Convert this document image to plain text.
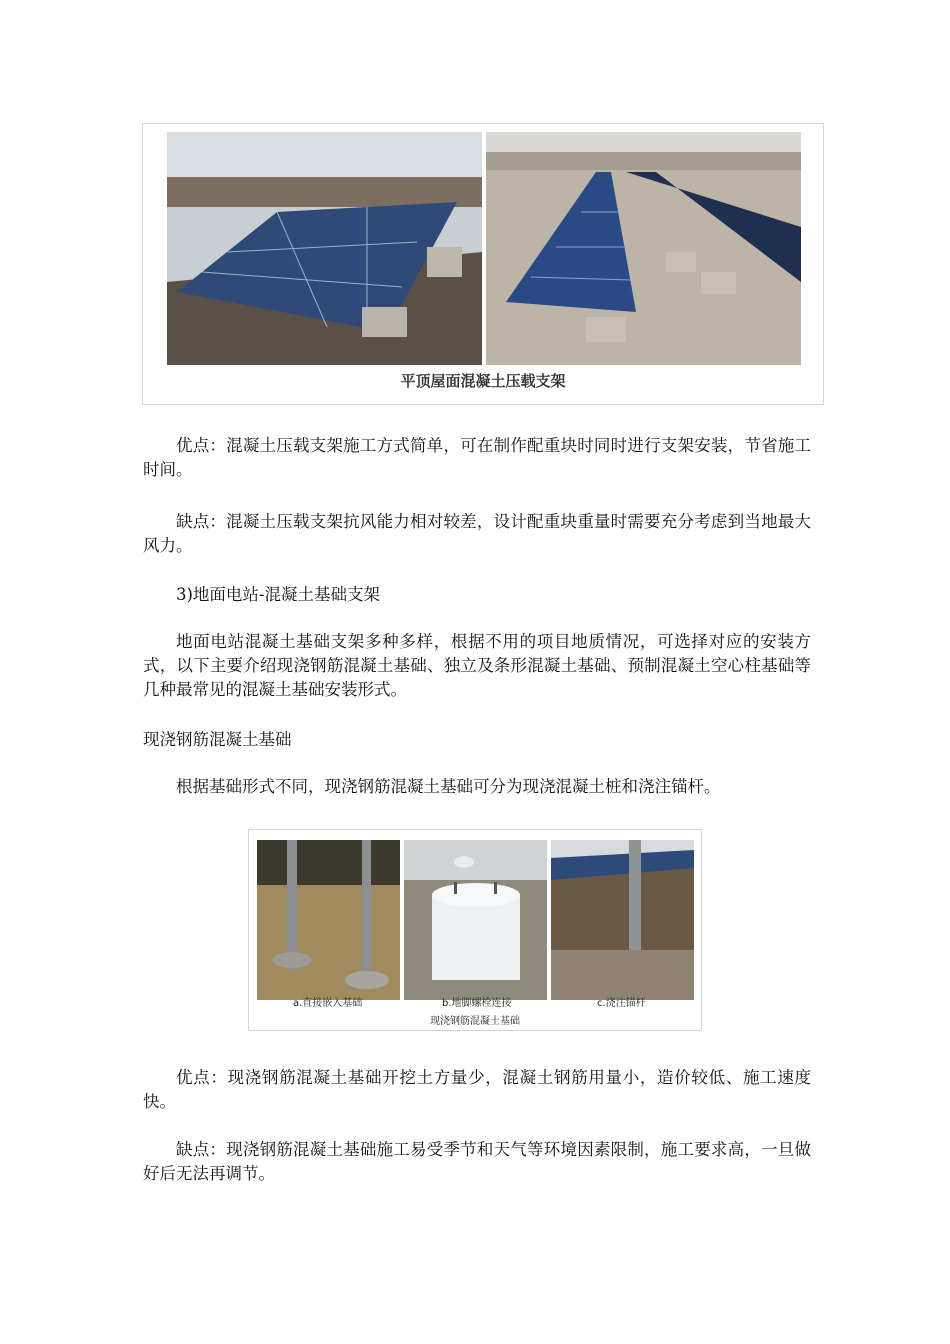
平顶屋面混凝土压载支架

优点：混凝土压载支架施工方式简单，可在制作配重块时同时进行支架安装，节省施工时间。

缺点：混凝土压载支架抗风能力相对较差，设计配重块重量时需要充分考虑到当地最大风力。

3)地面电站-混凝土基础支架

地面电站混凝土基础支架多种多样，根据不用的项目地质情况，可选择对应的安装方式，以下主要介绍现浇钢筋混凝土基础、独立及条形混凝土基础、预制混凝土空心柱基础等几种最常见的混凝土基础安装形式。

现浇钢筋混凝土基础

根据基础形式不同，现浇钢筋混凝土基础可分为现浇混凝土桩和浇注锚杆。

a.直接嵌入基础	b.地脚螺栓连接	c.浇注锚杆
现浇钢筋混凝土基础

优点：现浇钢筋混凝土基础开挖土方量少，混凝土钢筋用量小，造价较低、施工速度快。

缺点：现浇钢筋混凝土基础施工易受季节和天气等环境因素限制，施工要求高，一旦做好后无法再调节。
